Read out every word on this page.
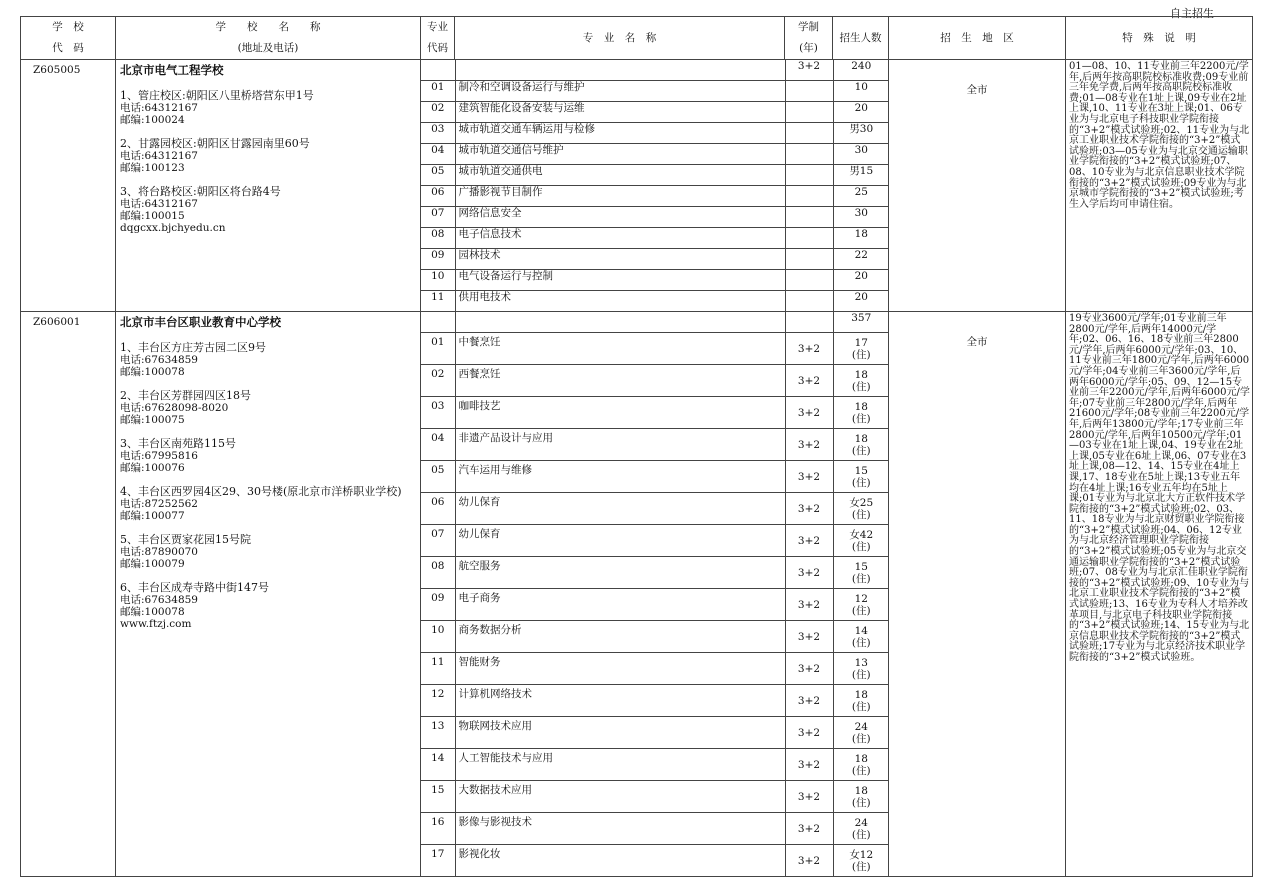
自主招生
学　校
代　码

学　　校　　名　　称
(地址及电话)

专业
代码
	专　业　名　称	
学制
(年)
	招生人数	招　生　地　区	特　殊　说　明
Z605005	北京市电气工程学校
1、管庄校区:朝阳区八里桥塔营东甲1号
电话:64312167
邮编:100024
2、甘露园校区:朝阳区甘露园南里60号
电话:64312167
邮编:100123
3、将台路校区:朝阳区将台路4号
电话:64312167
邮编:100015
dqgcxx.bjchyedu.cn

		3+2	240
01	制冷和空调设备运行与维护		10
02	建筑智能化设备安装与运维		20
03	城市轨道交通车辆运用与检修		男30
04	城市轨道交通信号维护		30
05	城市轨道交通供电		男15
06	广播影视节目制作		25
07	网络信息安全		30
08	电子信息技术		18
09	园林技术		22
10	电气设备运行与控制		20
11	供用电技术		20
	全市	
01—08、10、11专业前三年2200元/学年,后两年按高职院校标准收费;09专业前三年免学费,后两年按高职院校标准收费;01—08专业在1址上课,09专业在2址上课,10、11专业在3址上课;01、06专业为与北京电子科技职业学院衔接的“3+2”模式试验班;02、11专业为与北京工业职业技术学院衔接的“3+2”模式试验班;03—05专业为与北京交通运输职业学院衔接的“3+2”模式试验班;07、08、10专业为与北京信息职业技术学院衔接的“3+2”模式试验班;09专业为与北京城市学院衔接的“3+2”模式试验班;考生入学后均可申请住宿。

Z606001	北京市丰台区职业教育中心学校
1、丰台区方庄芳古园二区9号
电话:67634859
邮编:100078
2、丰台区芳群园四区18号
电话:67628098-8020
邮编:100075
3、丰台区南苑路115号
电话:67995816
邮编:100076
4、丰台区西罗园4区29、30号楼(原北京市洋桥职业学校)
电话:87252562
邮编:100077
5、丰台区贾家花园15号院
电话:87890070
邮编:100079
6、丰台区成寿寺路中街147号
电话:67634859
邮编:100078
www.ftzj.com

			357
01	中餐烹饪	3+2	17
(住)
02	西餐烹饪	3+2	18
(住)
03	咖啡技艺	3+2	18
(住)
04	非遗产品设计与应用	3+2	18
(住)
05	汽车运用与维修	3+2	15
(住)
06	幼儿保育	3+2	女25
(住)
07	幼儿保育	3+2	女42
(住)
08	航空服务	3+2	15
(住)
09	电子商务	3+2	12
(住)
10	商务数据分析	3+2	14
(住)
11	智能财务	3+2	13
(住)
12	计算机网络技术	3+2	18
(住)
13	物联网技术应用	3+2	24
(住)
14	人工智能技术与应用	3+2	18
(住)
15	大数据技术应用	3+2	18
(住)
16	影像与影视技术	3+2	24
(住)
17	影视化妆	3+2	女12
(住)
	全市	
19专业3600元/学年;01专业前三年2800元/学年,后两年14000元/学年;02、06、16、18专业前三年2800元/学年,后两年6000元/学年;03、10、11专业前三年1800元/学年,后两年6000元/学年;04专业前三年3600元/学年,后两年6000元/学年;05、09、12—15专业前三年2200元/学年,后两年6000元/学年;07专业前三年2800元/学年,后两年21600元/学年;08专业前三年2200元/学年,后两年13800元/学年;17专业前三年2800元/学年,后两年10500元/学年;01—03专业在1址上课,04、19专业在2址上课,05专业在6址上课,06、07专业在3址上课,08—12、14、15专业在4址上课,17、18专业在5址上课;13专业五年均在4址上课;16专业五年均在5址上课;01专业为与北京北大方正软件技术学院衔接的“3+2”模式试验班;02、03、11、18专业为与北京财贸职业学院衔接的“3+2”模式试验班;04、06、12专业为与北京经济管理职业学院衔接的“3+2”模式试验班;05专业为与北京交通运输职业学院衔接的“3+2”模式试验班;07、08专业为与北京汇佳职业学院衔接的“3+2”模式试验班;09、10专业为与北京工业职业技术学院衔接的“3+2”模式试验班;13、16专业为专科人才培养改革项目,与北京电子科技职业学院衔接的“3+2”模式试验班;14、15专业为与北京信息职业技术学院衔接的“3+2”模式试验班;17专业为与北京经济技术职业学院衔接的“3+2”模式试验班。
